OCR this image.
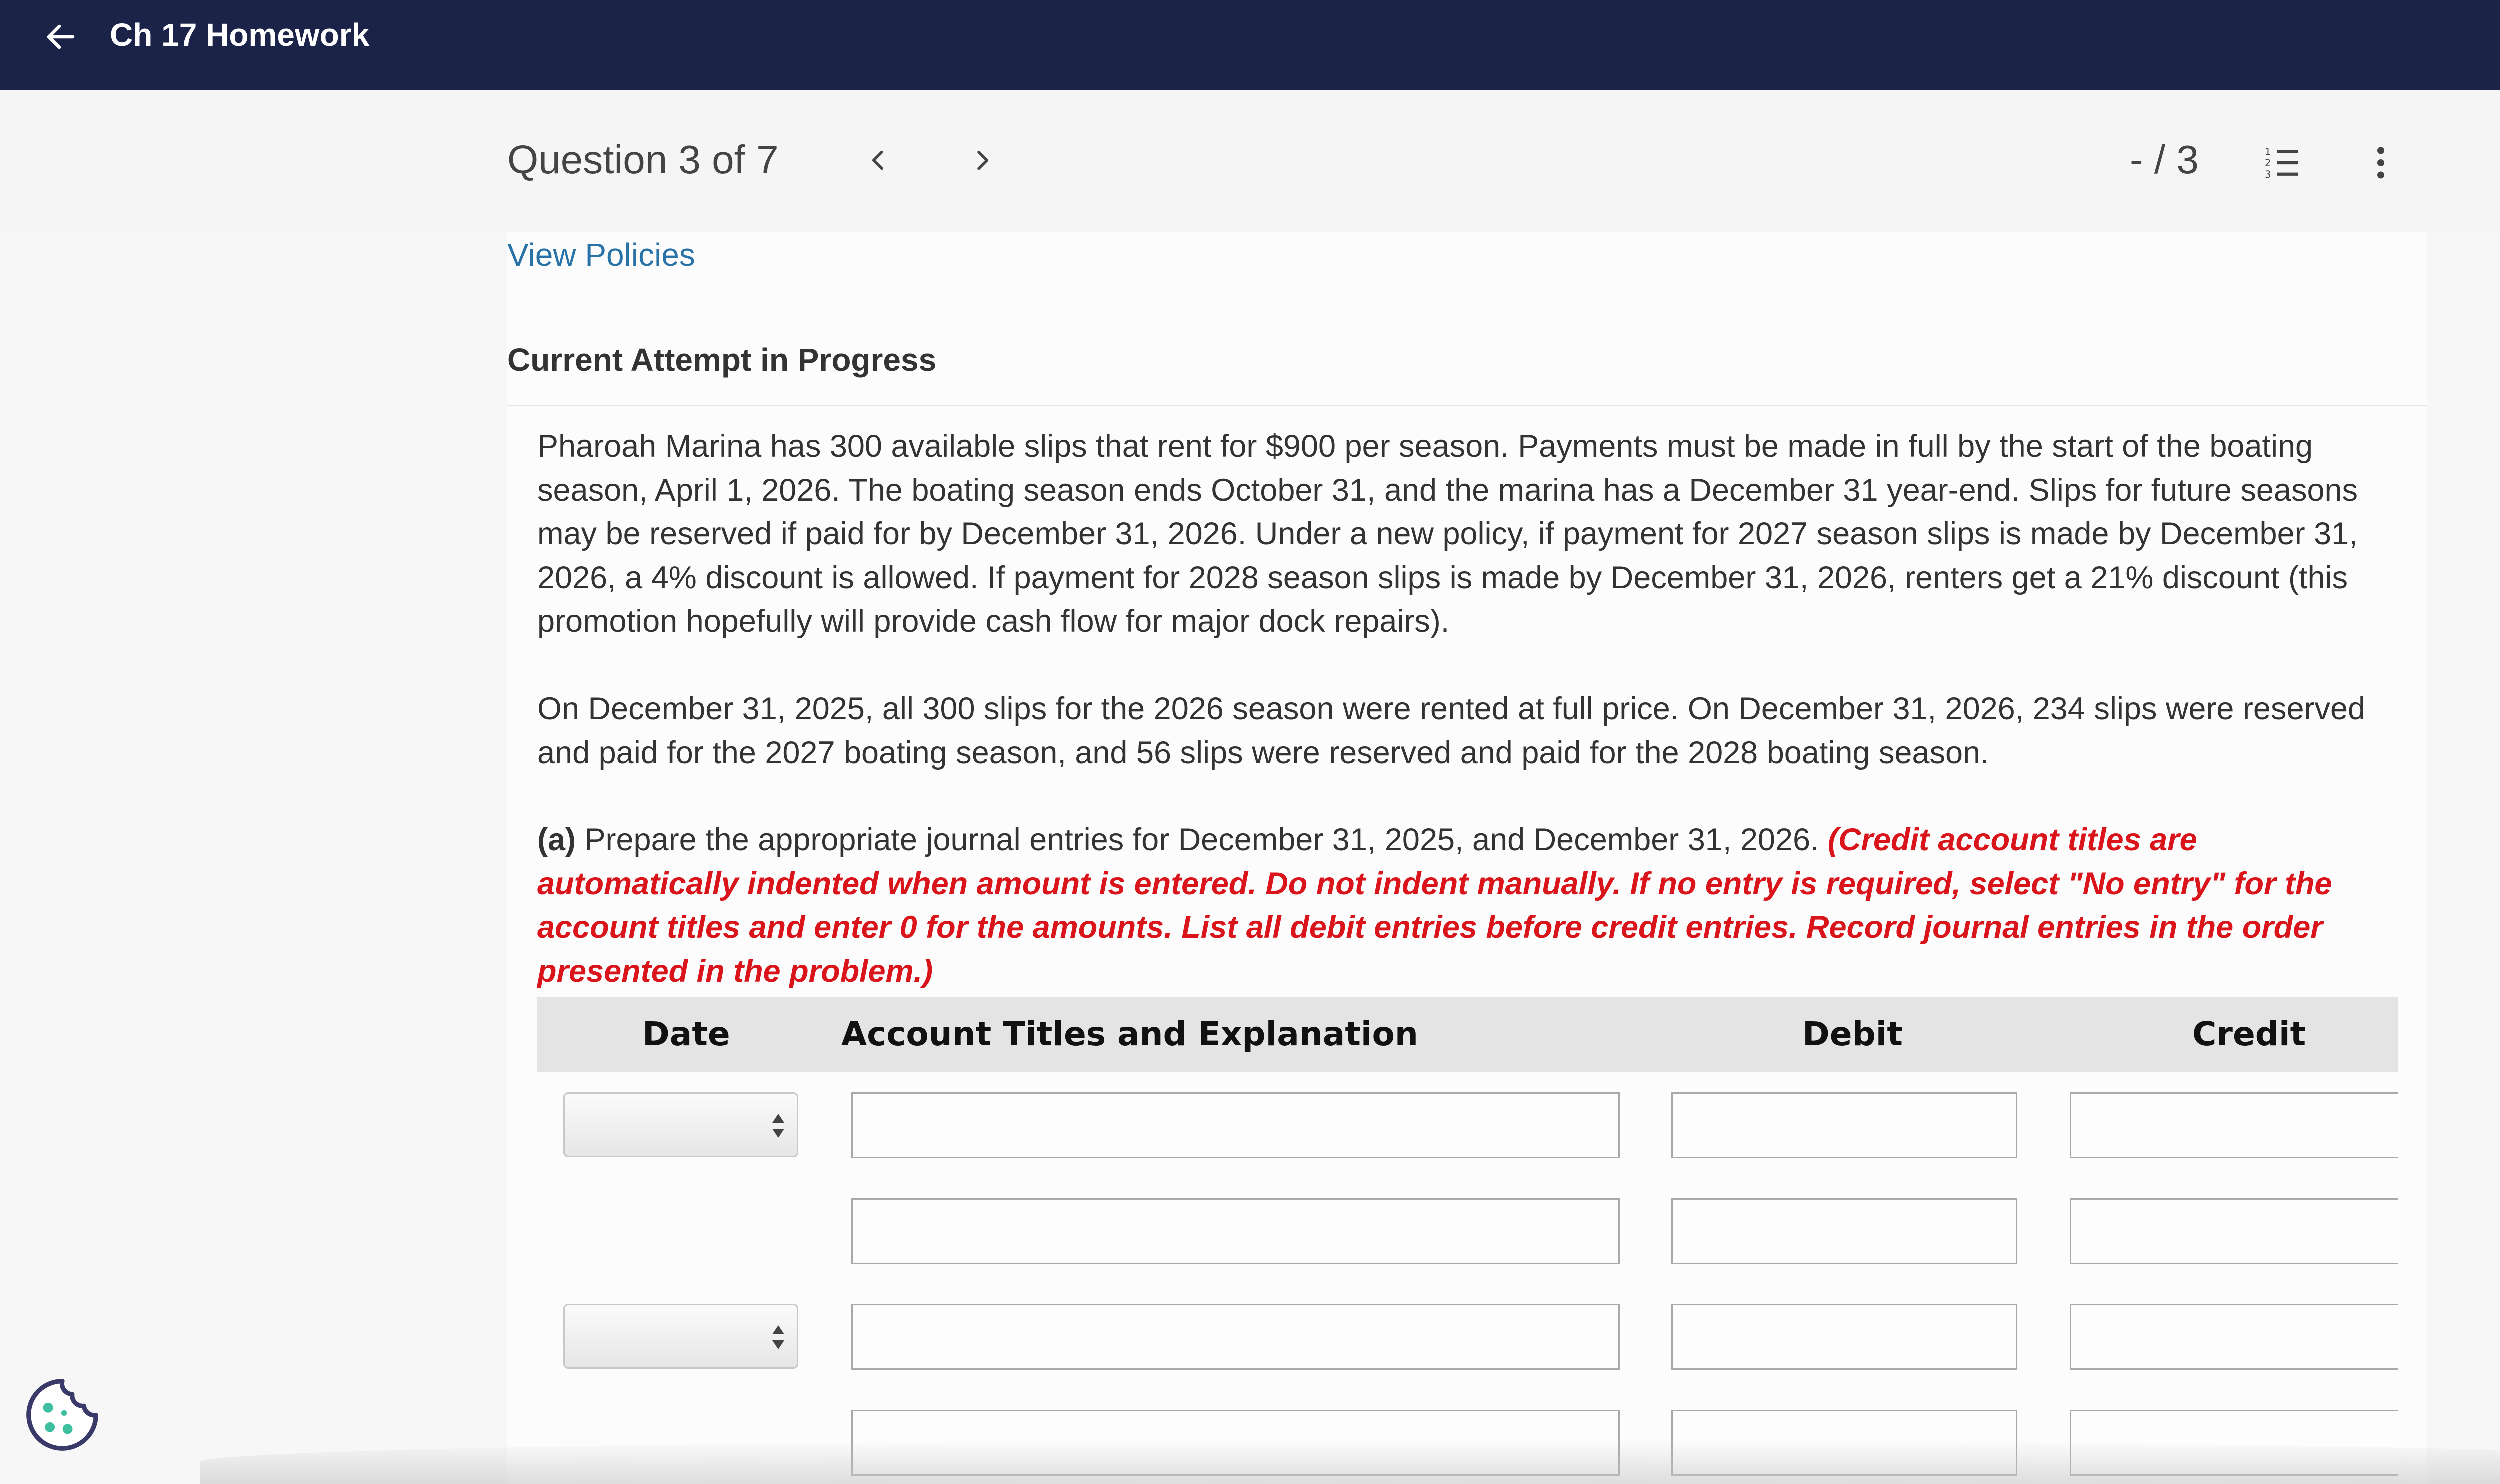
Ch 17 Homework
Question 3 of 7	- / 3	1
2
3
View Policies
Current Attempt in Progress
Pharoah Marina has 300 available slips that rent for $900 per season. Payments must be made in full by the start of the boating season, April 1, 2026. The boating season ends October 31, and the marina has a December 31 year-end. Slips for future seasons may be reserved if paid for by December 31, 2026. Under a new policy, if payment for 2027 season slips is made by December 31, 2026, a 4% discount is allowed. If payment for 2028 season slips is made by December 31, 2026, renters get a 21% discount (this promotion hopefully will provide cash flow for major dock repairs).
On December 31, 2025, all 300 slips for the 2026 season were rented at full price. On December 31, 2026, 234 slips were reserved and paid for the 2027 boating season, and 56 slips were reserved and paid for the 2028 boating season.
(a) Prepare the appropriate journal entries for December 31, 2025, and December 31, 2026. (Credit account titles are automatically indented when amount is entered. Do not indent manually. If no entry is required, select "No entry" for the account titles and enter 0 for the amounts. List all debit entries before credit entries. Record journal entries in the order presented in the problem.)
Date	Account Titles and Explanation	Debit	Credit
